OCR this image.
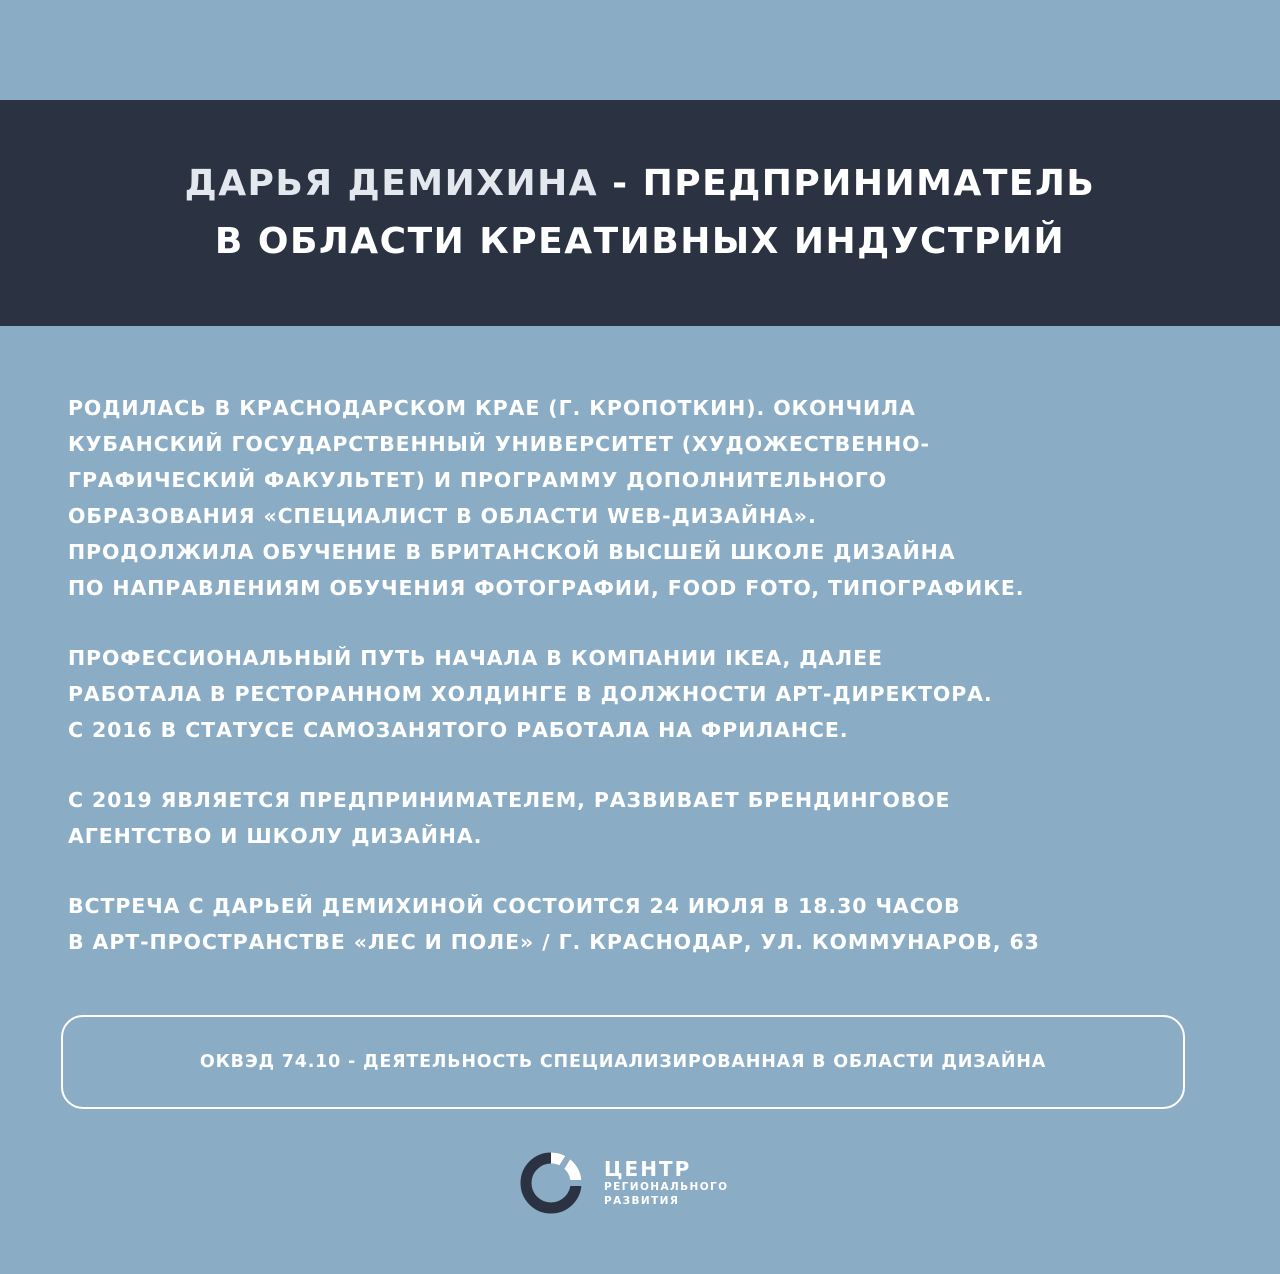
ДАРЬЯ ДЕМИХИНА - ПРЕДПРИНИМАТЕЛЬ
В ОБЛАСТИ КРЕАТИВНЫХ ИНДУСТРИЙ
РОДИЛАСЬ В КРАСНОДАРСКОМ КРАЕ (Г. КРОПОТКИН). ОКОНЧИЛА
КУБАНСКИЙ ГОСУДАРСТВЕННЫЙ УНИВЕРСИТЕТ (ХУДОЖЕСТВЕННО-
ГРАФИЧЕСКИЙ ФАКУЛЬТЕТ) И ПРОГРАММУ ДОПОЛНИТЕЛЬНОГО
ОБРАЗОВАНИЯ «СПЕЦИАЛИСТ В ОБЛАСТИ WEB-ДИЗАЙНА».
ПРОДОЛЖИЛА ОБУЧЕНИЕ В БРИТАНСКОЙ ВЫСШЕЙ ШКОЛЕ ДИЗАЙНА
ПО НАПРАВЛЕНИЯМ ОБУЧЕНИЯ ФОТОГРАФИИ, FOOD FOTO, ТИПОГРАФИКЕ.
ПРОФЕССИОНАЛЬНЫЙ ПУТЬ НАЧАЛА В КОМПАНИИ IKEA, ДАЛЕЕ
РАБОТАЛА В РЕСТОРАННОМ ХОЛДИНГЕ В ДОЛЖНОСТИ АРТ-ДИРЕКТОРА.
С 2016 В СТАТУСЕ САМОЗАНЯТОГО РАБОТАЛА НА ФРИЛАНСЕ.
С 2019 ЯВЛЯЕТСЯ ПРЕДПРИНИМАТЕЛЕМ, РАЗВИВАЕТ БРЕНДИНГОВОЕ
АГЕНТСТВО И ШКОЛУ ДИЗАЙНА.
ВСТРЕЧА С ДАРЬЕЙ ДЕМИХИНОЙ СОСТОИТСЯ 24 ИЮЛЯ В 18.30 ЧАСОВ
В АРТ-ПРОСТРАНСТВЕ «ЛЕС И ПОЛЕ» / Г. КРАСНОДАР, УЛ. КОММУНАРОВ, 63
ОКВЭД 74.10 - ДЕЯТЕЛЬНОСТЬ СПЕЦИАЛИЗИРОВАННАЯ В ОБЛАСТИ ДИЗАЙНА
ЦЕНТР
РЕГИОНАЛЬНОГО
РАЗВИТИЯ
